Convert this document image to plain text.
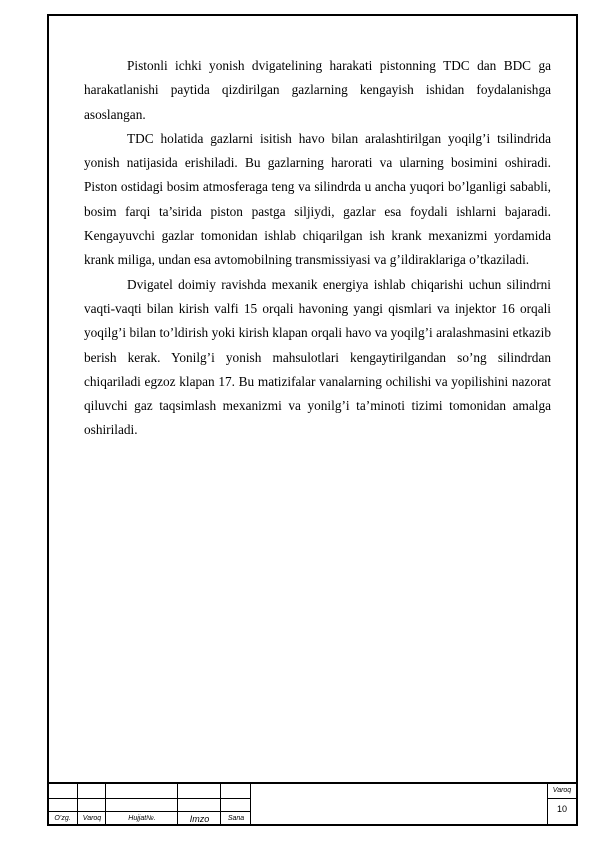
Pistonli ichki yonish dvigatelining harakati pistonning TDC dan BDC ga harakatlanishi paytida qizdirilgan gazlarning kengayish ishidan foydalanishga asoslangan.

TDC holatida gazlarni isitish havo bilan aralashtirilgan yoqilg’i tsilindrida yonish natijasida erishiladi. Bu gazlarning harorati va ularning bosimini oshiradi. Piston ostidagi bosim atmosferaga teng va silindrda u ancha yuqori bo’lganligi sababli, bosim farqi ta’sirida piston pastga siljiydi, gazlar esa foydali ishlarni bajaradi. Kengayuvchi gazlar tomonidan ishlab chiqarilgan ish krank mexanizmi yordamida krank miliga, undan esa avtomobilning transmissiyasi va g’ildiraklariga o’tkaziladi.

Dvigatel doimiy ravishda mexanik energiya ishlab chiqarishi uchun silindrni vaqti-vaqti bilan kirish valfi 15 orqali havoning yangi qismlari va injektor 16 orqali yoqilg’i bilan to’ldirish yoki kirish klapan orqali havo va yoqilg’i aralashmasini etkazib berish kerak. Yonilg’i yonish mahsulotlari kengaytirilgandan so’ng silindrdan chiqariladi egzoz klapan 17. Bu matizifalar vanalarning ochilishi va yopilishini nazorat qiluvchi gaz taqsimlash mexanizmi va yonilg’i ta’minoti tizimi tomonidan amalga oshiriladi.

O’zg.	Varoq	Hujjat№.	Imzo	Sana
Varoq
10
